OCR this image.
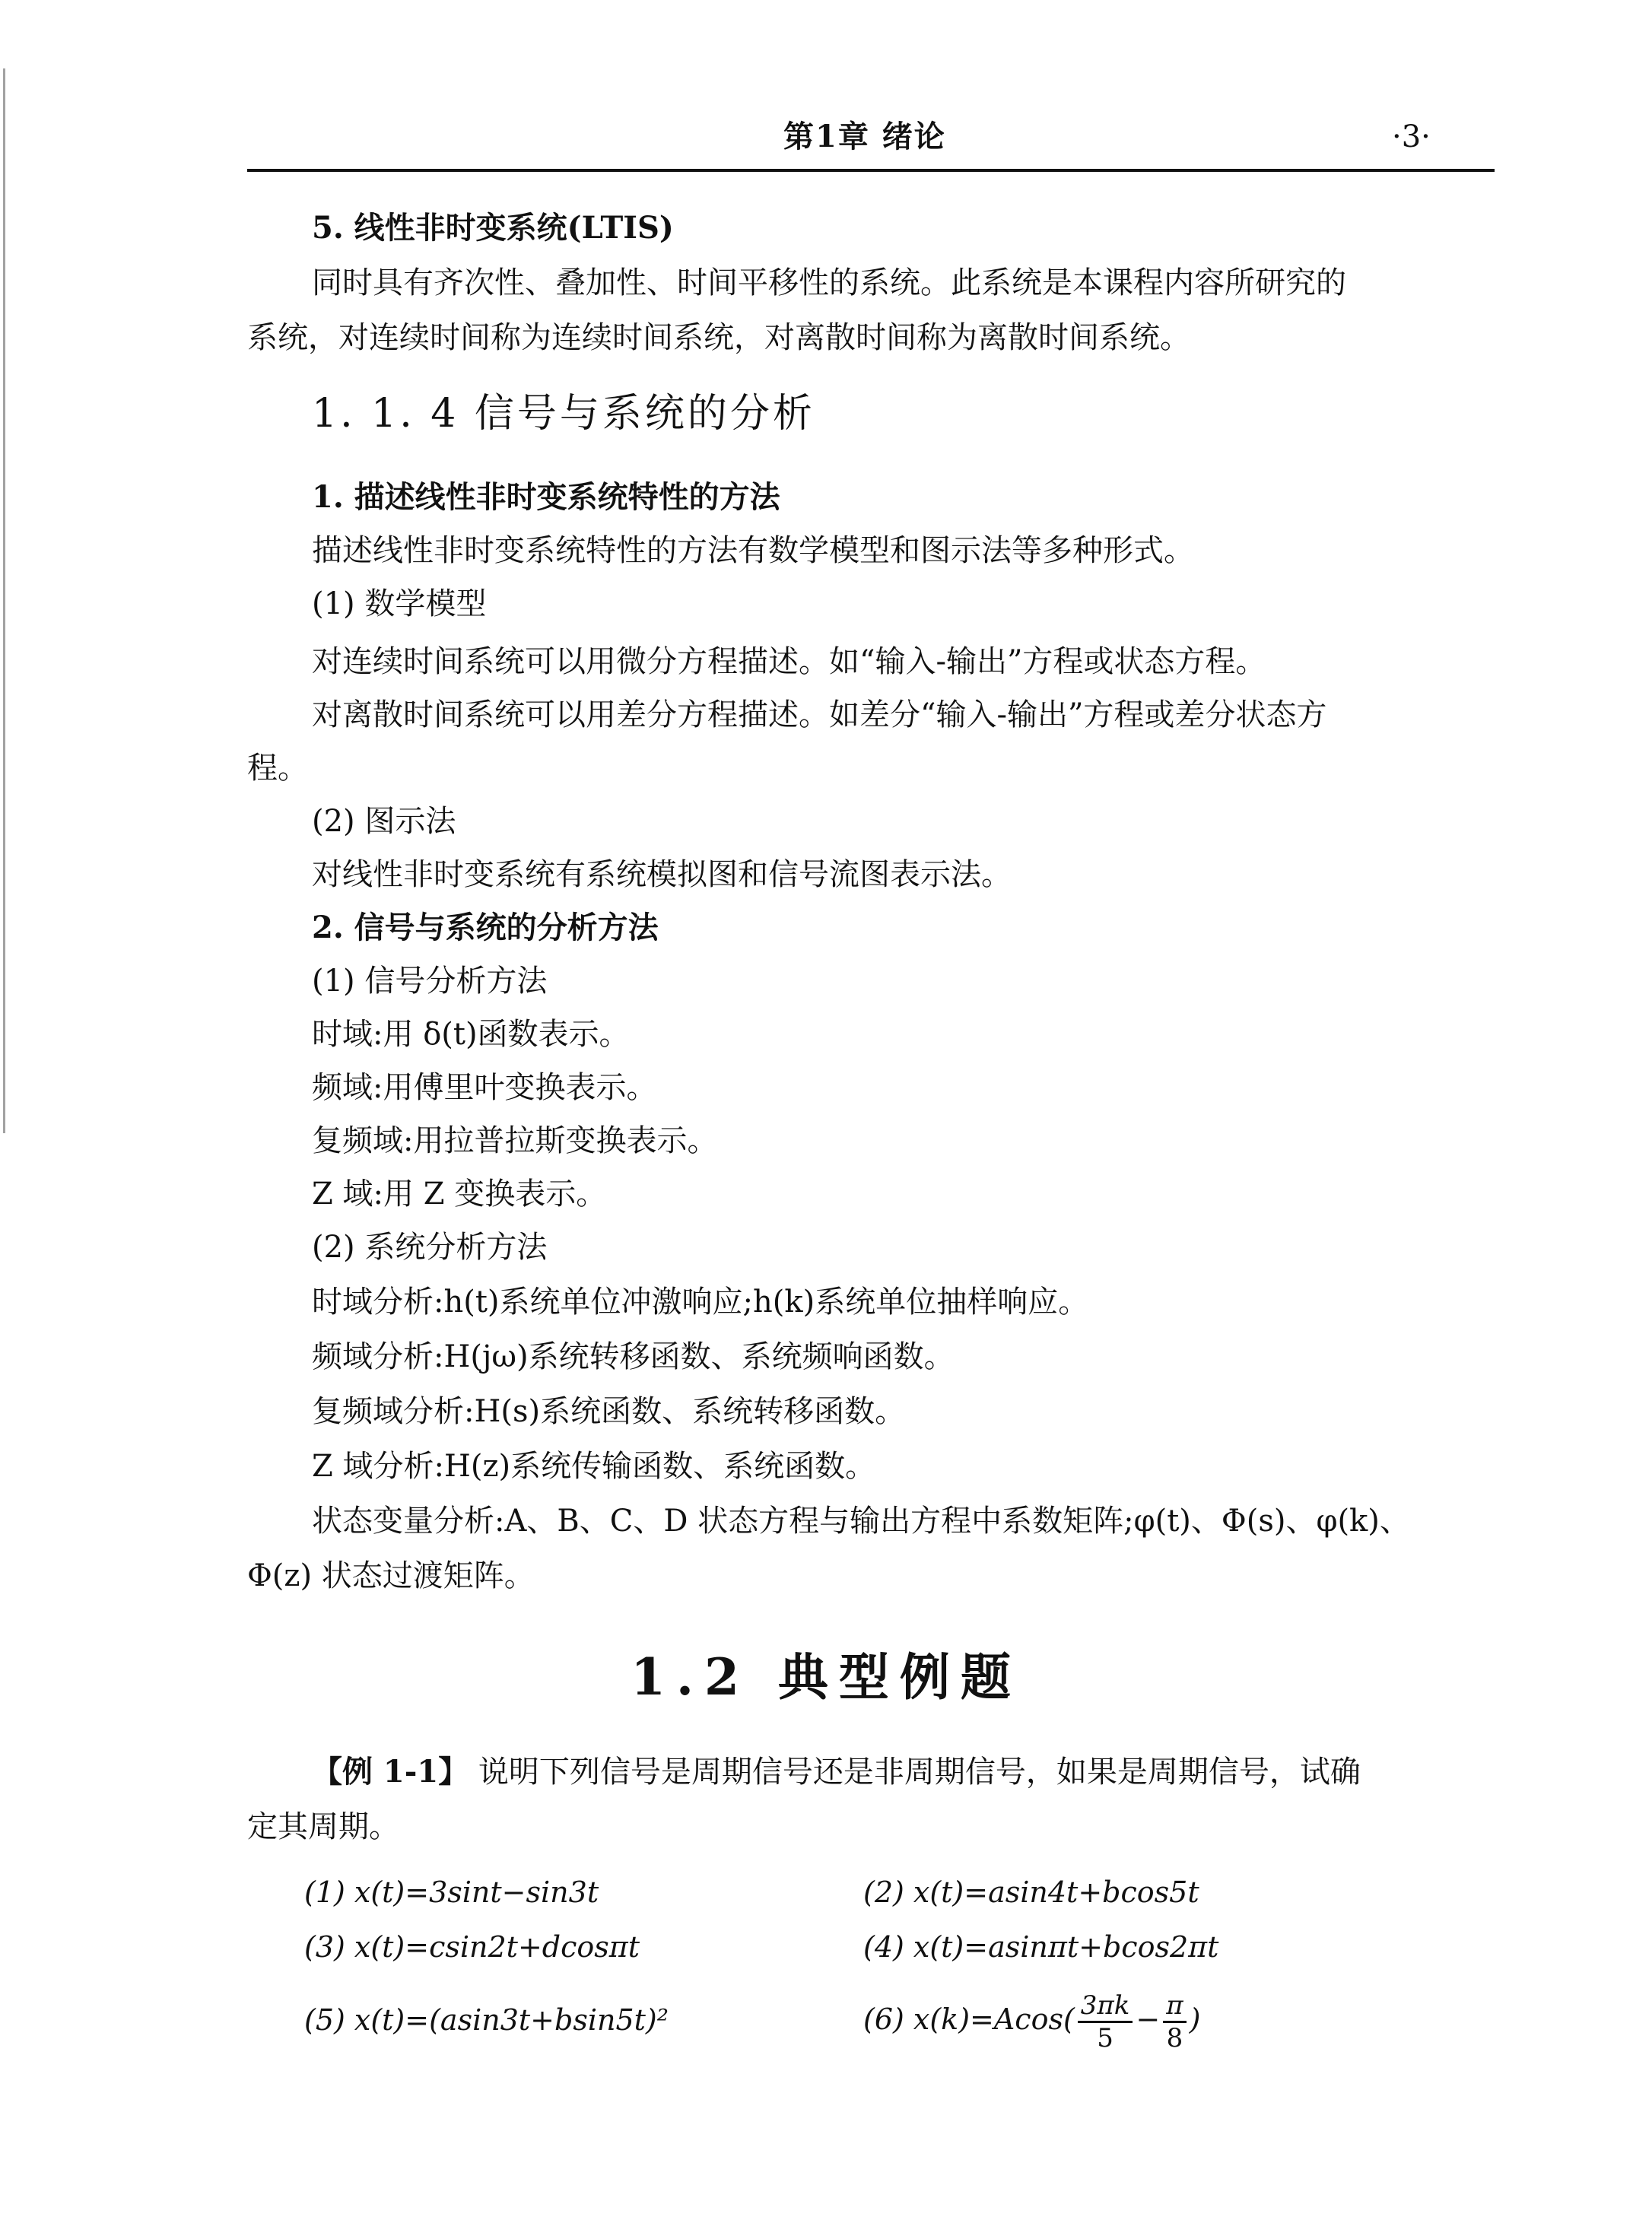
第1章 绪论	·3·
5. 线性非时变系统(LTIS)
同时具有齐次性、叠加性、时间平移性的系统。此系统是本课程内容所研究的
系统，对连续时间称为连续时间系统，对离散时间称为离散时间系统。
1. 1. 4 信号与系统的分析
1. 描述线性非时变系统特性的方法
描述线性非时变系统特性的方法有数学模型和图示法等多种形式。
(1) 数学模型
对连续时间系统可以用微分方程描述。如“输入-输出”方程或状态方程。
对离散时间系统可以用差分方程描述。如差分“输入-输出”方程或差分状态方
程。
(2) 图示法
对线性非时变系统有系统模拟图和信号流图表示法。
2. 信号与系统的分析方法
(1) 信号分析方法
时域:用 δ(t)函数表示。
频域:用傅里叶变换表示。
复频域:用拉普拉斯变换表示。
Z 域:用 Z 变换表示。
(2) 系统分析方法
时域分析:h(t)系统单位冲激响应;h(k)系统单位抽样响应。
频域分析:H(jω)系统转移函数、系统频响函数。
复频域分析:H(s)系统函数、系统转移函数。
Z 域分析:H(z)系统传输函数、系统函数。
状态变量分析:A、B、C、D 状态方程与输出方程中系数矩阵;φ(t)、Φ(s)、φ(k)、
Φ(z) 状态过渡矩阵。
1.2 典型例题
【例 1-1】 说明下列信号是周期信号还是非周期信号，如果是周期信号，试确
定其周期。
(1) x(t)=3sint−sin3t	(2) x(t)=asin4t+bcos5t
(3) x(t)=csin2t+dcosπt	(4) x(t)=asinπt+bcos2πt
(5) x(t)=(asin3t+bsin5t)²	(6) $x(k)=Acos( \frac{3\pi k}{5} - \frac{\pi}{8}$ )
